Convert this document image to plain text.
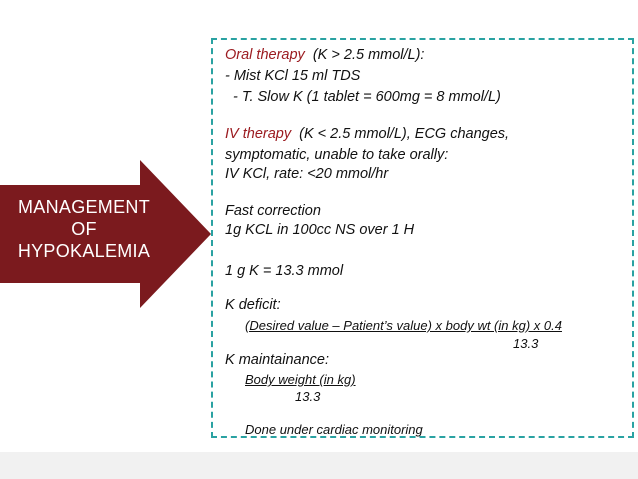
MANAGEMENT
OF
HYPOKALEMIA
Oral therapy  (K > 2.5 mmol/L):
- Mist KCl 15 ml TDS
- T. Slow K (1 tablet = 600mg = 8 mmol/L)
IV therapy  (K < 2.5 mmol/L), ECG changes,
symptomatic, unable to take orally:
IV KCl, rate: <20 mmol/hr
Fast correction
1g KCL in 100cc NS over 1 H
1 g K = 13.3 mmol
K deficit:
(Desired value – Patient’s value) x body wt (in kg) x 0.4
13.3
K maintainance:
Body weight (in kg)
13.3
Done under cardiac monitoring
